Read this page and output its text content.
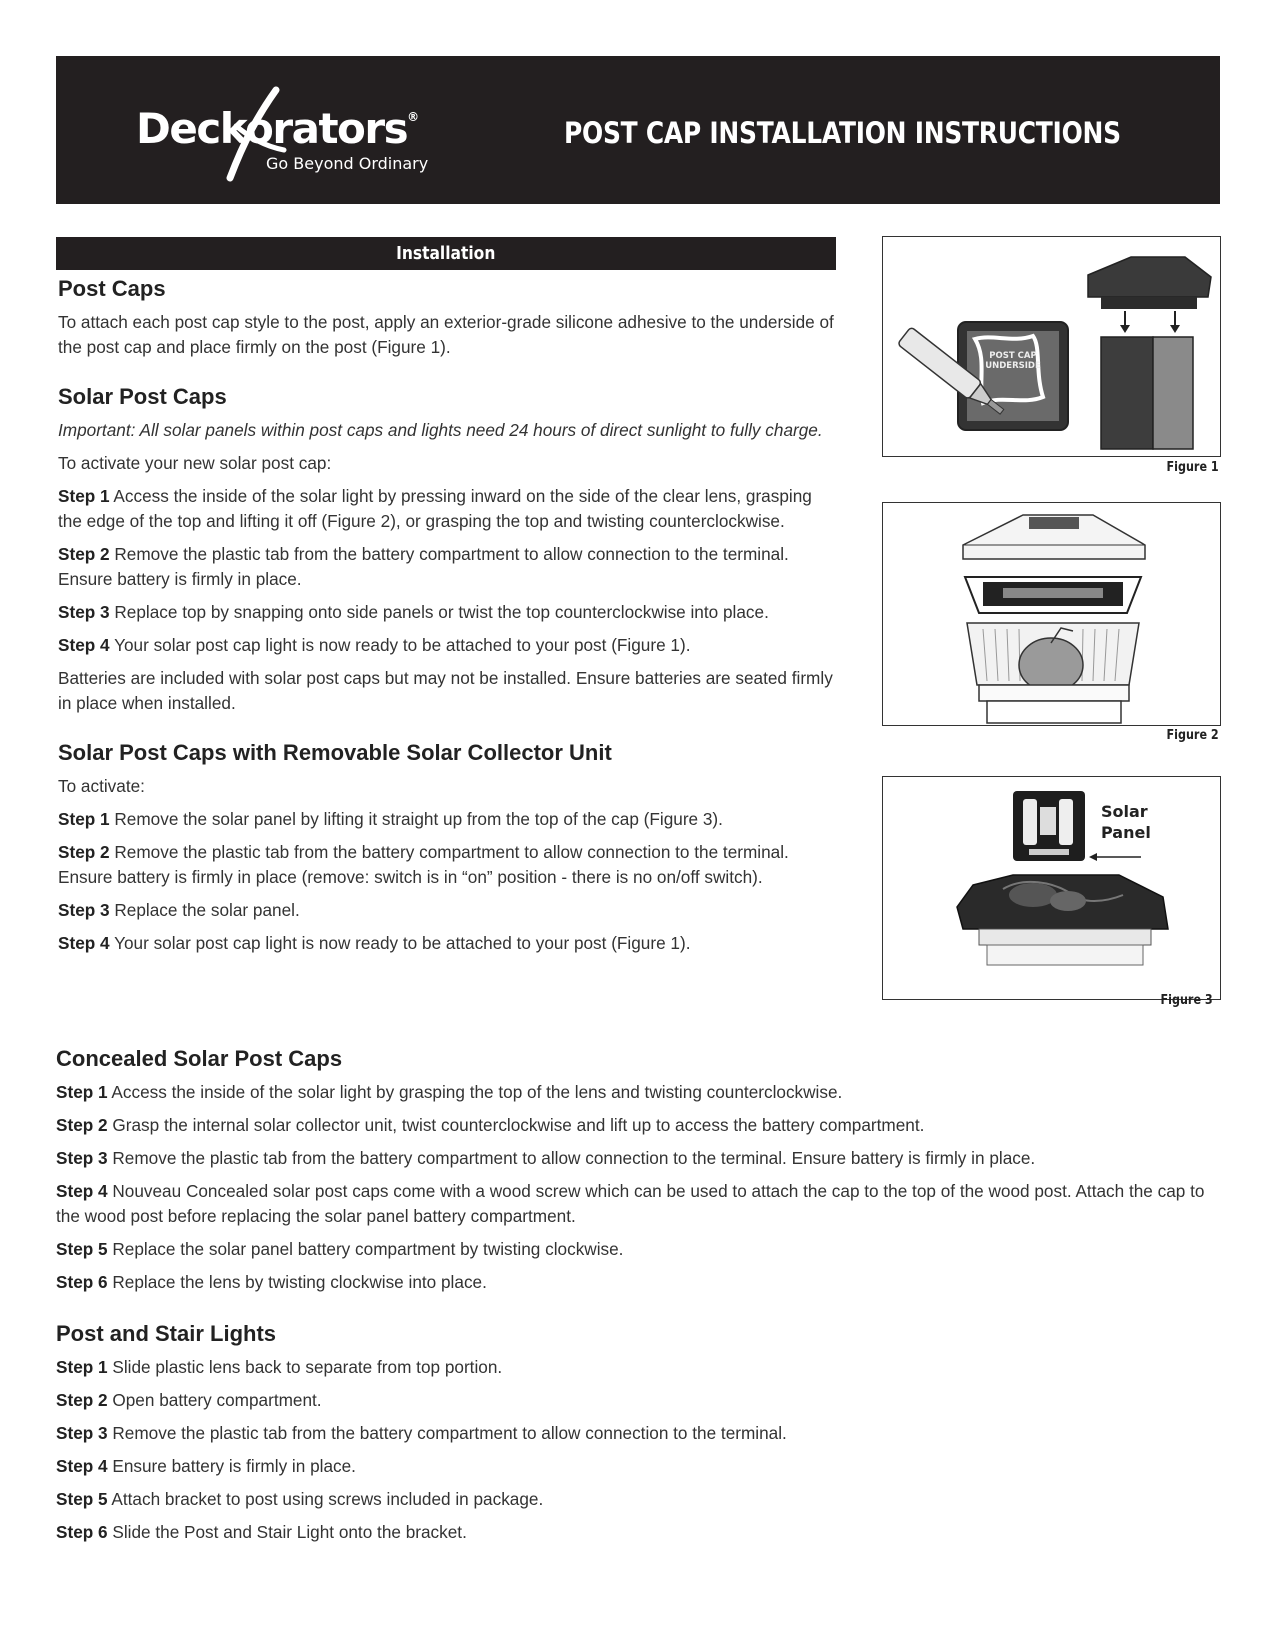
Deckorators®
Go Beyond Ordinary
POST CAP INSTALLATION INSTRUCTIONS
Installation
Post Caps

To attach each post cap style to the post, apply an exterior-grade silicone adhesive to the underside of the post cap and place firmly on the post (Figure 1).

Solar Post Caps

Important: All solar panels within post caps and lights need 24 hours of direct sunlight to fully charge.

To activate your new solar post cap:

Step 1 Access the inside of the solar light by pressing inward on the side of the clear lens, grasping the edge of the top and lifting it off (Figure 2), or grasping the top and twisting counterclockwise.

Step 2 Remove the plastic tab from the battery compartment to allow connection to the terminal. Ensure battery is firmly in place.

Step 3 Replace top by snapping onto side panels or twist the top counterclockwise into place.

Step 4 Your solar post cap light is now ready to be attached to your post (Figure 1).

Batteries are included with solar post caps but may not be installed. Ensure batteries are seated firmly in place when installed.

Solar Post Caps with Removable Solar Collector Unit

To activate:

Step 1 Remove the solar panel by lifting it straight up from the top of the cap (Figure 3).

Step 2 Remove the plastic tab from the battery compartment to allow connection to the terminal. Ensure battery is firmly in place (remove: switch is in “on” position - there is no on/off switch).

Step 3 Replace the solar panel.

Step 4 Your solar post cap light is now ready to be attached to your post (Figure 1).

Concealed Solar Post Caps

Step 1 Access the inside of the solar light by grasping the top of the lens and twisting counterclockwise.

Step 2 Grasp the internal solar collector unit, twist counterclockwise and lift up to access the battery compartment.

Step 3 Remove the plastic tab from the battery compartment to allow connection to the terminal. Ensure battery is firmly in place.

Step 4 Nouveau Concealed solar post caps come with a wood screw which can be used to attach the cap to the top of the wood post. Attach the cap to the wood post before replacing the solar panel battery compartment.

Step 5 Replace the solar panel battery compartment by twisting clockwise.

Step 6 Replace the lens by twisting clockwise into place.

Post and Stair Lights

Step 1 Slide plastic lens back to separate from top portion.

Step 2 Open battery compartment.

Step 3 Remove the plastic tab from the battery compartment to allow connection to the terminal.

Step 4 Ensure battery is firmly in place.

Step 5 Attach bracket to post using screws included in package.

Step 6 Slide the Post and Stair Light onto the bracket.

POST CAP
UNDERSIDE
Figure 1
Figure 2
Solar
Panel
Figure 3
